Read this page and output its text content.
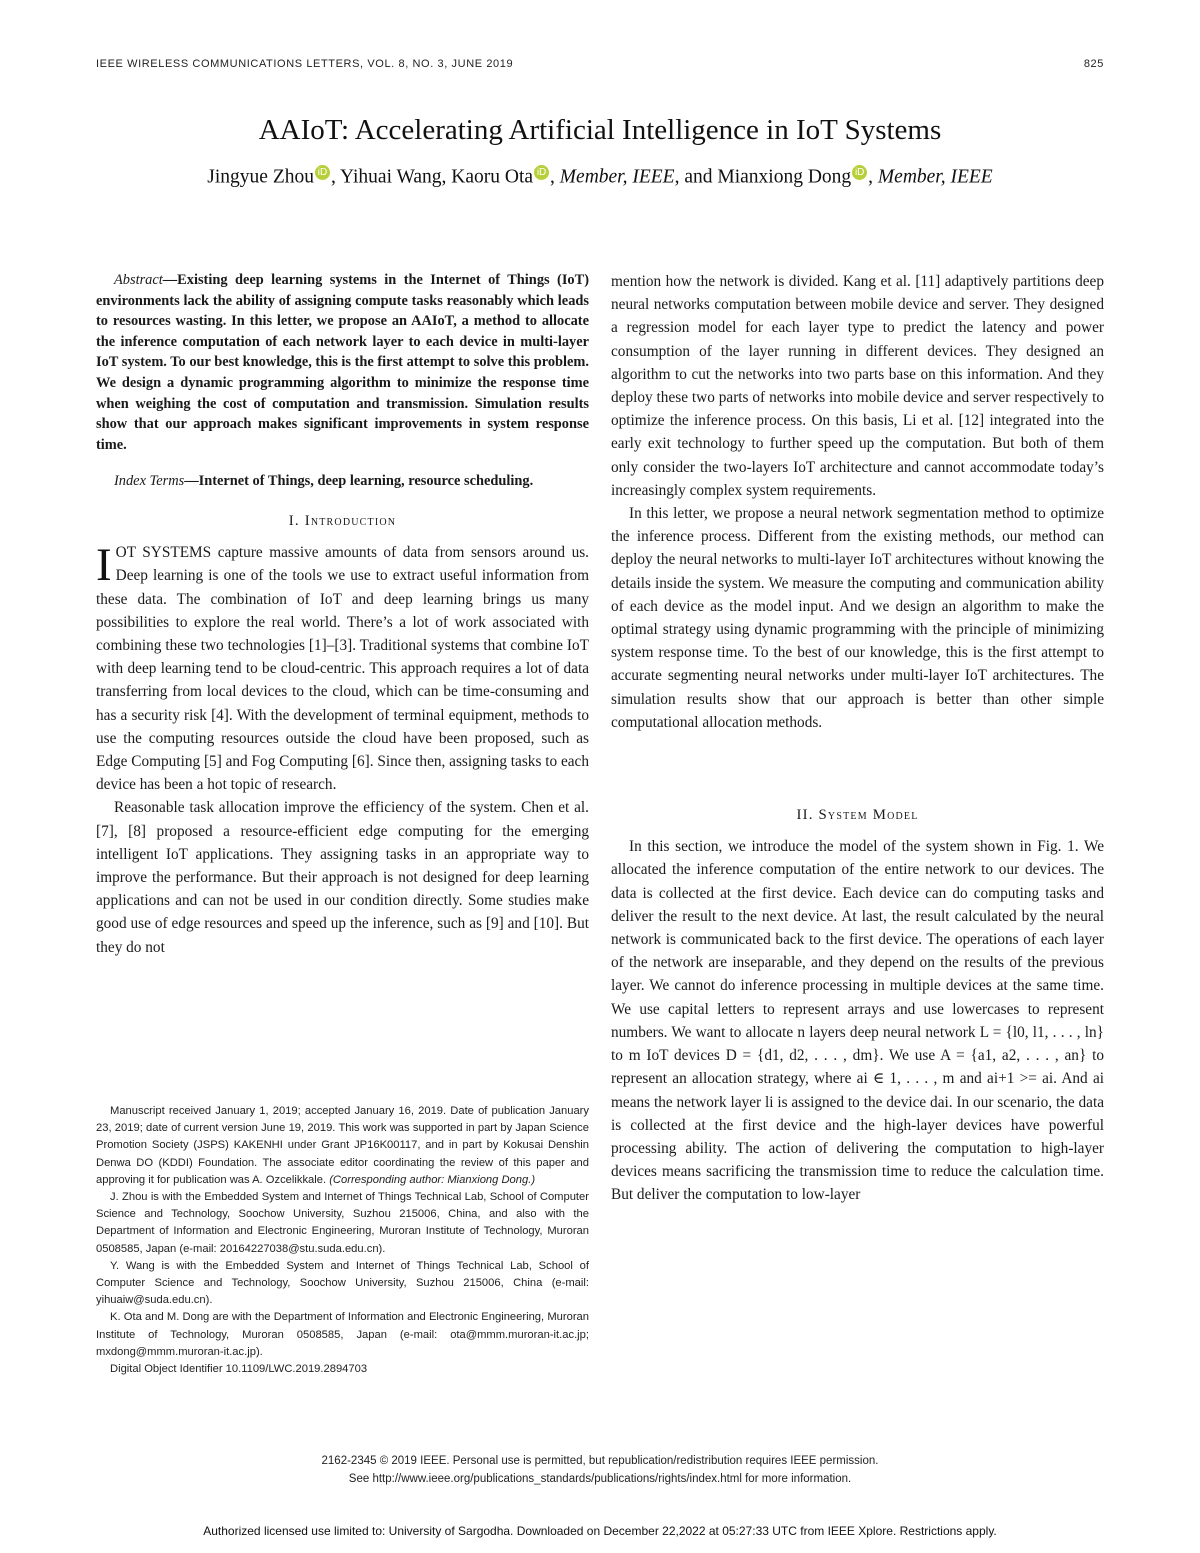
IEEE WIRELESS COMMUNICATIONS LETTERS, VOL. 8, NO. 3, JUNE 2019	825
AAIoT: Accelerating Artificial Intelligence in IoT Systems
Jingyue Zhou iD , Yihuai Wang, Kaoru Ota iD , Member, IEEE, and Mianxiong Dong iD , Member, IEEE

Abstract—Existing deep learning systems in the Internet of Things (IoT) environments lack the ability of assigning compute tasks reasonably which leads to resources wasting. In this letter, we propose an AAIoT, a method to allocate the inference computation of each network layer to each device in multi-layer IoT system. To our best knowledge, this is the first attempt to solve this problem. We design a dynamic programming algorithm to minimize the response time when weighing the cost of computation and transmission. Simulation results show that our approach makes significant improvements in system response time.

Index Terms—Internet of Things, deep learning, resource scheduling.
I. Introduction

IOT SYSTEMS capture massive amounts of data from sensors around us. Deep learning is one of the tools we use to extract useful information from these data. The combination of IoT and deep learning brings us many possibilities to explore the real world. There’s a lot of work associated with combining these two technologies [1]–[3]. Traditional systems that combine IoT with deep learning tend to be cloud-centric. This approach requires a lot of data transferring from local devices to the cloud, which can be time-consuming and has a security risk [4]. With the development of terminal equipment, methods to use the computing resources outside the cloud have been proposed, such as Edge Computing [5] and Fog Computing [6]. Since then, assigning tasks to each device has been a hot topic of research.

Reasonable task allocation improve the efficiency of the system. Chen et al. [7], [8] proposed a resource-efficient edge computing for the emerging intelligent IoT applications. They assigning tasks in an appropriate way to improve the performance. But their approach is not designed for deep learning applications and can not be used in our condition directly. Some studies make good use of edge resources and speed up the inference, such as [9] and [10]. But they do not

Manuscript received January 1, 2019; accepted January 16, 2019. Date of publication January 23, 2019; date of current version June 19, 2019. This work was supported in part by Japan Science Promotion Society (JSPS) KAKENHI under Grant JP16K00117, and in part by Kokusai Denshin Denwa DO (KDDI) Foundation. The associate editor coordinating the review of this paper and approving it for publication was A. Ozcelikkale. (Corresponding author: Mianxiong Dong.)

J. Zhou is with the Embedded System and Internet of Things Technical Lab, School of Computer Science and Technology, Soochow University, Suzhou 215006, China, and also with the Department of Information and Electronic Engineering, Muroran Institute of Technology, Muroran 0508585, Japan (e-mail: 20164227038@stu.suda.edu.cn).

Y. Wang is with the Embedded System and Internet of Things Technical Lab, School of Computer Science and Technology, Soochow University, Suzhou 215006, China (e-mail: yihuaiw@suda.edu.cn).

K. Ota and M. Dong are with the Department of Information and Electronic Engineering, Muroran Institute of Technology, Muroran 0508585, Japan (e-mail: ota@mmm.muroran-it.ac.jp; mxdong@mmm.muroran-it.ac.jp).

Digital Object Identifier 10.1109/LWC.2019.2894703

mention how the network is divided. Kang et al. [11] adaptively partitions deep neural networks computation between mobile device and server. They designed a regression model for each layer type to predict the latency and power consumption of the layer running in different devices. They designed an algorithm to cut the networks into two parts base on this information. And they deploy these two parts of networks into mobile device and server respectively to optimize the inference process. On this basis, Li et al. [12] integrated into the early exit technology to further speed up the computation. But both of them only consider the two-layers IoT architecture and cannot accommodate today’s increasingly complex system requirements.

In this letter, we propose a neural network segmentation method to optimize the inference process. Different from the existing methods, our method can deploy the neural networks to multi-layer IoT architectures without knowing the details inside the system. We measure the computing and communication ability of each device as the model input. And we design an algorithm to make the optimal strategy using dynamic programming with the principle of minimizing system response time. To the best of our knowledge, this is the first attempt to accurate segmenting neural networks under multi-layer IoT architectures. The simulation results show that our approach is better than other simple computational allocation methods.

II. System Model

In this section, we introduce the model of the system shown in Fig. 1. We allocated the inference computation of the entire network to our devices. The data is collected at the first device. Each device can do computing tasks and deliver the result to the next device. At last, the result calculated by the neural network is communicated back to the first device. The operations of each layer of the network are inseparable, and they depend on the results of the previous layer. We cannot do inference processing in multiple devices at the same time. We use capital letters to represent arrays and use lowercases to represent numbers. We want to allocate n layers deep neural network L = {l0, l1, . . . , ln} to m IoT devices D = {d1, d2, . . . , dm}. We use A = {a1, a2, . . . , an} to represent an allocation strategy, where ai ∈ 1, . . . , m and ai+1 >= ai. And ai means the network layer li is assigned to the device dai. In our scenario, the data is collected at the first device and the high-layer devices have powerful processing ability. The action of delivering the computation to high-layer devices means sacrificing the transmission time to reduce the calculation time. But deliver the computation to low-layer

2162-2345 © 2019 IEEE. Personal use is permitted, but republication/redistribution requires IEEE permission.
See http://www.ieee.org/publications_standards/publications/rights/index.html for more information.
Authorized licensed use limited to: University of Sargodha. Downloaded on December 22,2022 at 05:27:33 UTC from IEEE Xplore. Restrictions apply.
